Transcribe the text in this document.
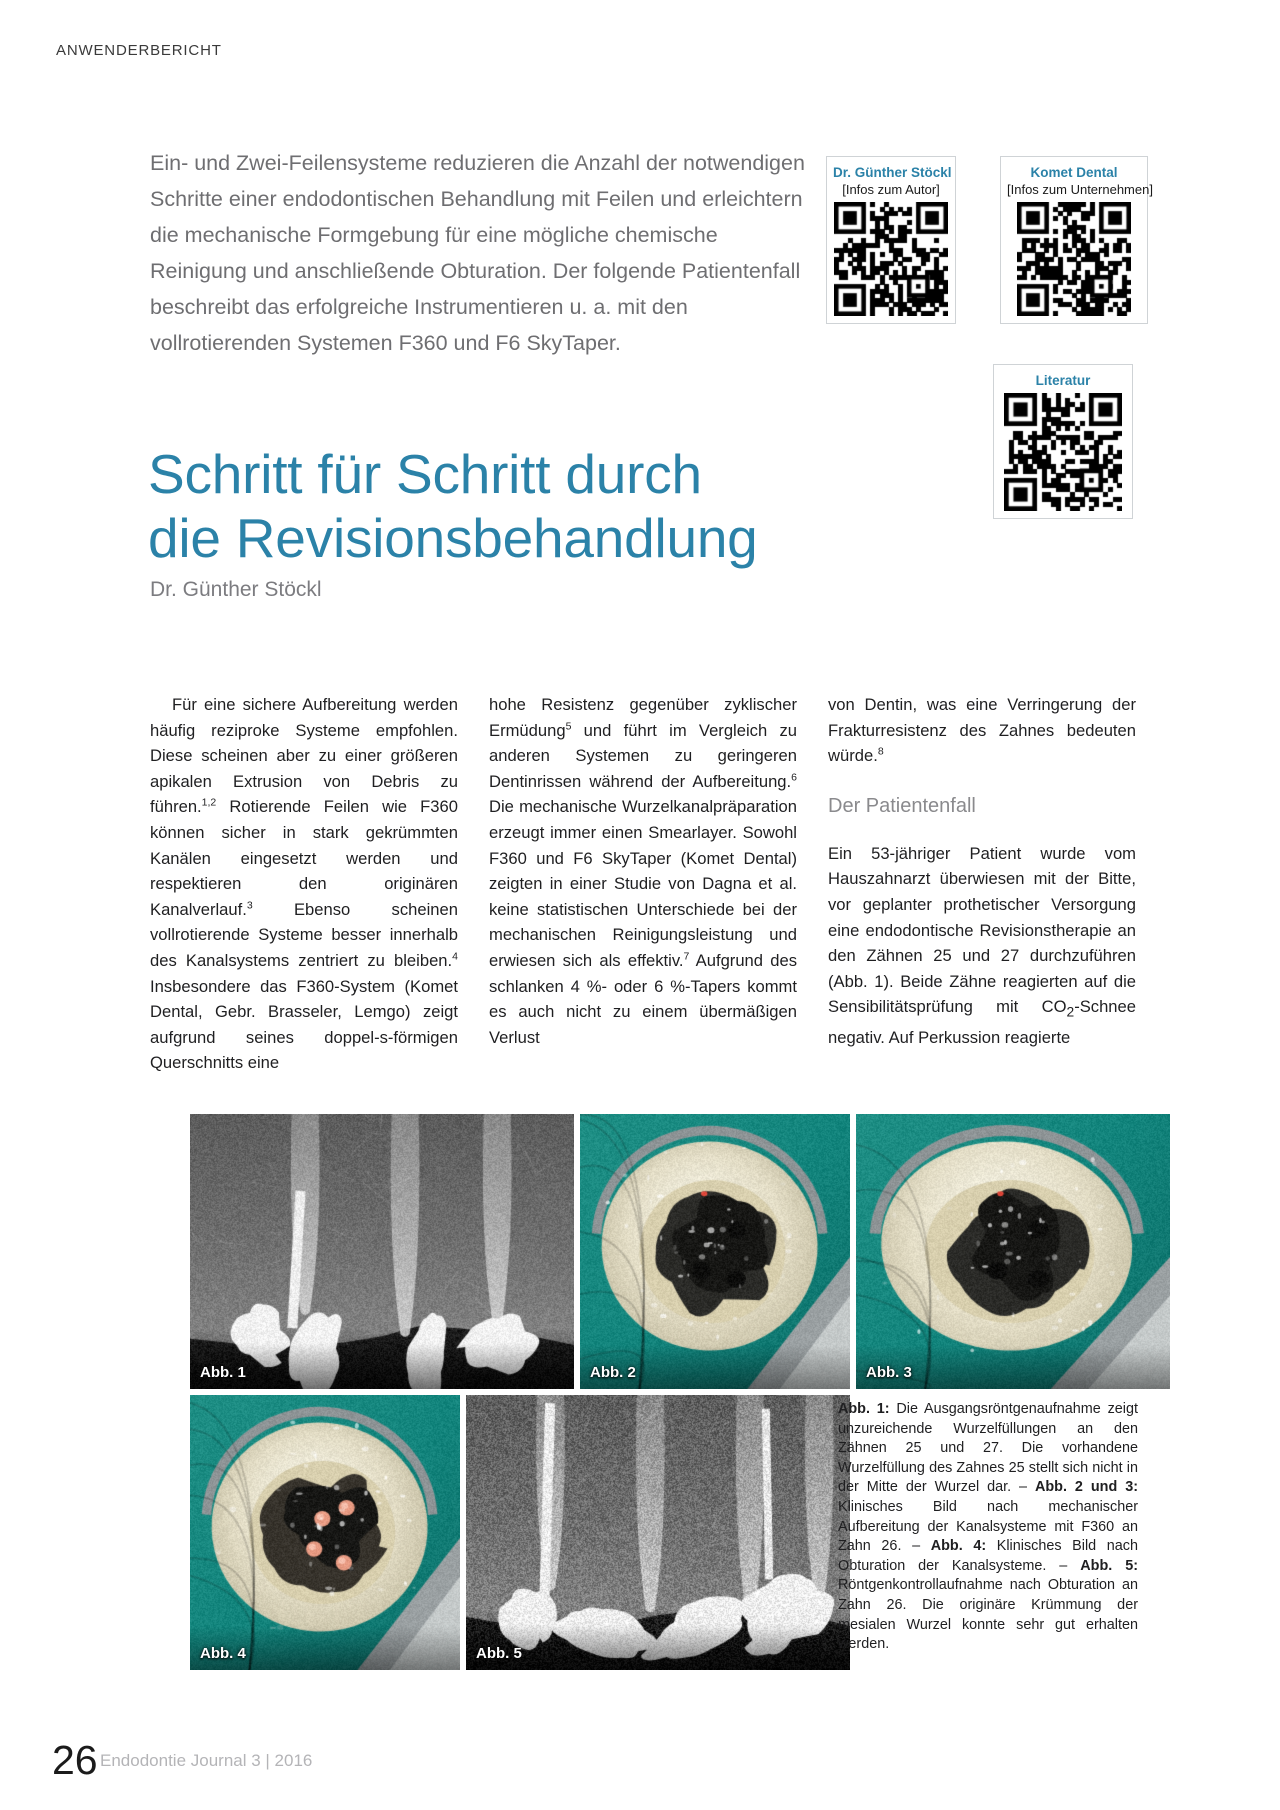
ANWENDERBERICHT
Ein- und Zwei-Feilensysteme reduzieren die Anzahl der notwendigen Schritte einer endodontischen Behandlung mit Feilen und erleichtern die mechanische Formgebung für eine mögliche chemische Reinigung und anschließende Obturation. Der folgende Patientenfall beschreibt das erfolgreiche Instrumentieren u. a. mit den vollrotierenden Systemen F360 und F6 SkyTaper.
Schritt für Schritt durch
die Revisionsbehandlung
Dr. Günther Stöckl
Dr. Günther Stöckl
[Infos zum Autor]
Komet Dental
[Infos zum Unternehmen]
Literatur

Für eine sichere Aufbereitung werden häufig reziproke Systeme empfohlen. Diese scheinen aber zu einer größeren apikalen Extrusion von Debris zu führen.$^{1,2}$ Rotierende Feilen wie F360 können sicher in stark gekrümmten Kanälen eingesetzt werden und respektieren den originären Kanalverlauf.$^3$ Ebenso scheinen vollrotierende Systeme besser innerhalb des Kanalsystems zentriert zu bleiben.$^4$ Insbesondere das F360-System (Komet Dental, Gebr. Brasseler, Lemgo) zeigt aufgrund seines doppel-s-förmigen Querschnitts eine

hohe Resistenz gegenüber zyklischer Ermüdung$^5$ und führt im Vergleich zu anderen Systemen zu geringeren Dentinrissen während der Aufbereitung.$^6$ Die mechanische Wurzelkanalpräparation erzeugt immer einen Smearlayer. Sowohl F360 und F6 SkyTaper (Komet Dental) zeigten in einer Studie von Dagna et al. keine statistischen Unterschiede bei der mechanischen Reinigungsleistung und erwiesen sich als effektiv.$^7$ Aufgrund des schlanken 4 %- oder 6 %-Tapers kommt es auch nicht zu einem übermäßigen Verlust

von Dentin, was eine Verringerung der Frakturresistenz des Zahnes bedeuten würde.$^8$

Der Patientenfall

Ein 53-jähriger Patient wurde vom Hauszahnarzt überwiesen mit der Bitte, vor geplanter prothetischer Versorgung eine endodontische Revisionstherapie an den Zähnen 25 und 27 durchzuführen (Abb. 1). Beide Zähne reagierten auf die Sensibilitätsprüfung mit $CO_2$-Schnee negativ. Auf Perkussion reagierte

Abb. 1	Abb. 2	Abb. 3
Abb. 4	Abb. 5
Abb. 1: Die Ausgangsröntgenaufnahme zeigt unzureichende Wurzelfüllungen an den Zähnen 25 und 27. Die vorhandene Wurzelfüllung des Zahnes 25 stellt sich nicht in der Mitte der Wurzel dar. – Abb. 2 und 3: Klinisches Bild nach mechanischer Aufbereitung der Kanalsysteme mit F360 an Zahn 26. – Abb. 4: Klinisches Bild nach Obturation der Kanalsysteme. – Abb. 5: Röntgenkontrollaufnahme nach Obturation an Zahn 26. Die originäre Krümmung der mesialen Wurzel konnte sehr gut erhalten werden.
26 Endodontie Journal 3 | 2016
